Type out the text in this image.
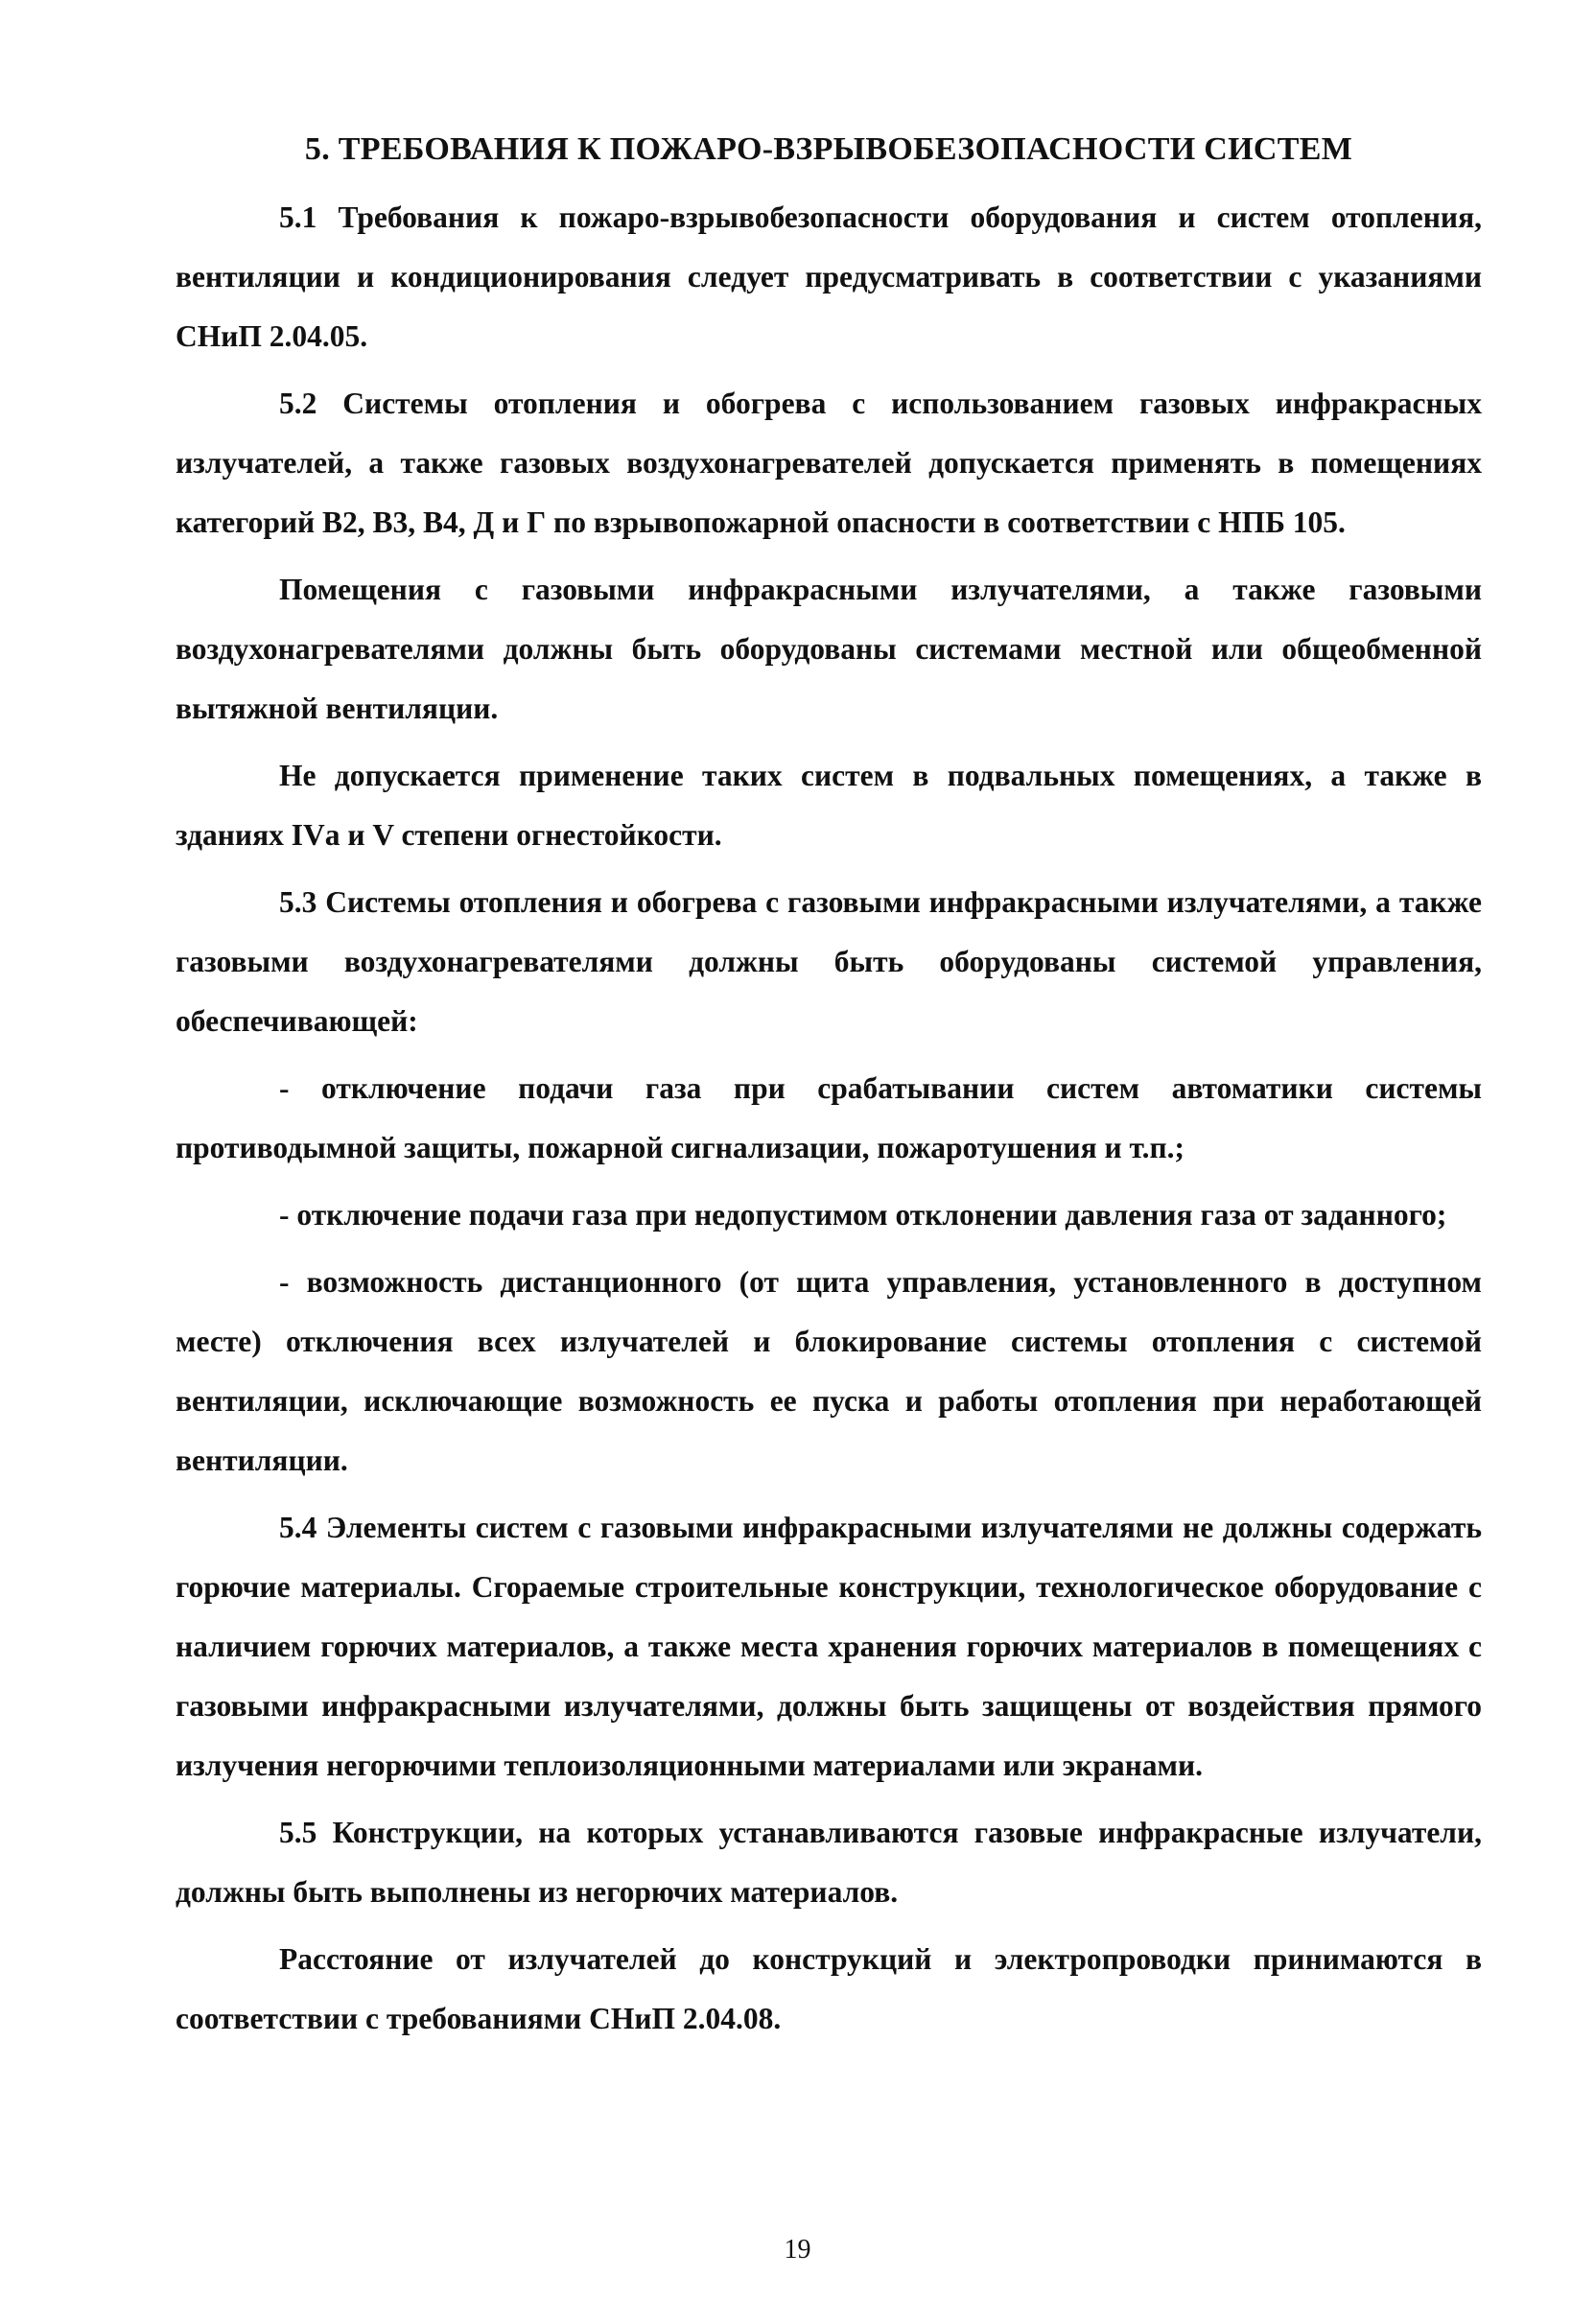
5. ТРЕБОВАНИЯ К ПОЖАРО-ВЗРЫВОБЕЗОПАСНОСТИ СИСТЕМ

5.1 Требования к пожаро-взрывобезопасности оборудования и систем отопления, вентиляции и кондиционирования следует предусматривать в соответствии с указаниями СНиП 2.04.05.

5.2 Системы отопления и обогрева с использованием газовых инфракрасных излучателей, а также газовых воздухонагревателей допускается применять в помещениях категорий В2, В3, В4, Д и Г по взрывопожарной опасности в соответствии с НПБ 105.

Помещения с газовыми инфракрасными излучателями, а также газовыми воздухонагревателями должны быть оборудованы системами местной или общеобменной вытяжной вентиляции.

Не допускается применение таких систем в подвальных помещениях, а также в зданиях IVа и V степени огнестойкости.

5.3 Системы отопления и обогрева с газовыми инфракрасными излучателями, а также газовыми воздухонагревателями должны быть оборудованы системой управления, обеспечивающей:

- отключение подачи газа при срабатывании систем автоматики системы противодымной защиты, пожарной сигнализации, пожаротушения и т.п.;

- отключение подачи газа при недопустимом отклонении давления газа от заданного;

- возможность дистанционного (от щита управления, установленного в доступном месте) отключения всех излучателей и блокирование системы отопления с системой вентиляции, исключающие возможность ее пуска и работы отопления при неработающей вентиляции.

5.4 Элементы систем с газовыми инфракрасными излучателями не должны содержать горючие материалы. Сгораемые строительные конструкции, технологическое оборудование с наличием горючих материалов, а также места хранения горючих материалов в помещениях с газовыми инфракрасными излучателями, должны быть защищены от воздействия прямого излучения негорючими теплоизоляционными материалами или экранами.

5.5 Конструкции, на которых устанавливаются газовые инфракрасные излучатели, должны быть выполнены из негорючих материалов.

Расстояние от излучателей до конструкций и электропроводки принимаются в соответствии с требованиями СНиП 2.04.08.

19
